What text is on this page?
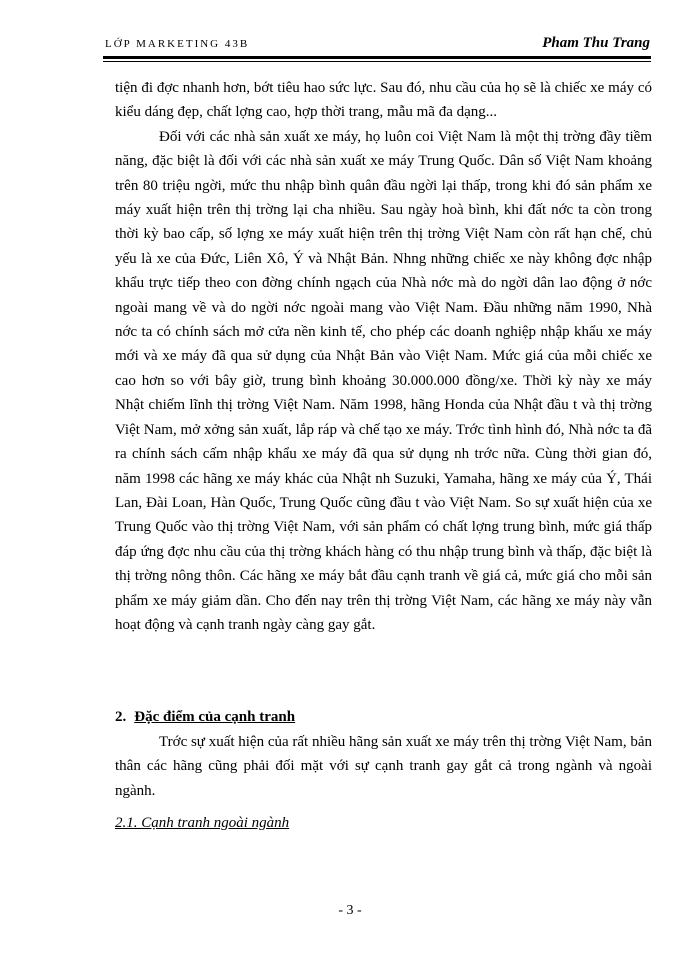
LỚP MARKETING 43B	Pham Thu Trang

tiện đi đợc nhanh hơn, bớt tiêu hao sức lực. Sau đó, nhu cầu của họ sẽ là chiếc xe máy có kiểu dáng đẹp, chất lợng cao, hợp thời trang, mẫu mã đa dạng...

Đối với các nhà sản xuất xe máy, họ luôn coi Việt Nam là một thị trờng đầy tiềm năng, đặc biệt là đối với các nhà sản xuất xe máy Trung Quốc. Dân số Việt Nam khoảng trên 80 triệu ngời, mức thu nhập bình quân đầu ngời lại thấp, trong khi đó sản phẩm xe máy xuất hiện trên thị trờng lại cha nhiều. Sau ngày hoà bình, khi đất nớc ta còn trong thời kỳ bao cấp, số lợng xe máy xuất hiện trên thị trờng Việt Nam còn rất hạn chế, chủ yếu là xe của Đức, Liên Xô, Ý và Nhật Bản. Nhng những chiếc xe này không đợc nhập khẩu trực tiếp theo con đờng chính ngạch của Nhà nớc mà do ngời dân lao động ở nớc ngoài mang về và do ngời nớc ngoài mang vào Việt Nam. Đầu những năm 1990, Nhà nớc ta có chính sách mở cửa nền kinh tế, cho phép các doanh nghiệp nhập khẩu xe máy mới và xe máy đã qua sử dụng của Nhật Bản vào Việt Nam. Mức giá của mỗi chiếc xe cao hơn so với bây giờ, trung bình khoảng 30.000.000 đồng/xe. Thời kỳ này xe máy Nhật chiếm lĩnh thị trờng Việt Nam. Năm 1998, hãng Honda của Nhật đầu t và thị trờng Việt Nam, mở xởng sản xuất, lắp ráp và chế tạo xe máy. Trớc tình hình đó, Nhà nớc ta đã ra chính sách cấm nhập khẩu xe máy đã qua sử dụng nh trớc nữa. Cùng thời gian đó, năm 1998 các hãng xe máy khác của Nhật nh Suzuki, Yamaha, hãng xe máy của Ý, Thái Lan, Đài Loan, Hàn Quốc, Trung Quốc cũng đầu t vào Việt Nam. So sự xuất hiện của xe Trung Quốc vào thị trờng Việt Nam, với sản phẩm có chất lợng trung bình, mức giá thấp đáp ứng đợc nhu cầu của thị trờng khách hàng có thu nhập trung bình và thấp, đặc biệt là thị trờng nông thôn. Các hãng xe máy bắt đầu cạnh tranh về giá cả, mức giá cho mỗi sản phẩm xe máy giảm dần. Cho đến nay trên thị trờng Việt Nam, các hãng xe máy này vẫn hoạt động và cạnh tranh ngày càng gay gắt.

2. Đặc điểm của cạnh tranh

Trớc sự xuất hiện của rất nhiều hãng sản xuất xe máy trên thị trờng Việt Nam, bản thân các hãng cũng phải đối mặt với sự cạnh tranh gay gắt cả trong ngành và ngoài ngành.

2.1. Cạnh tranh ngoài ngành

- 3 -
